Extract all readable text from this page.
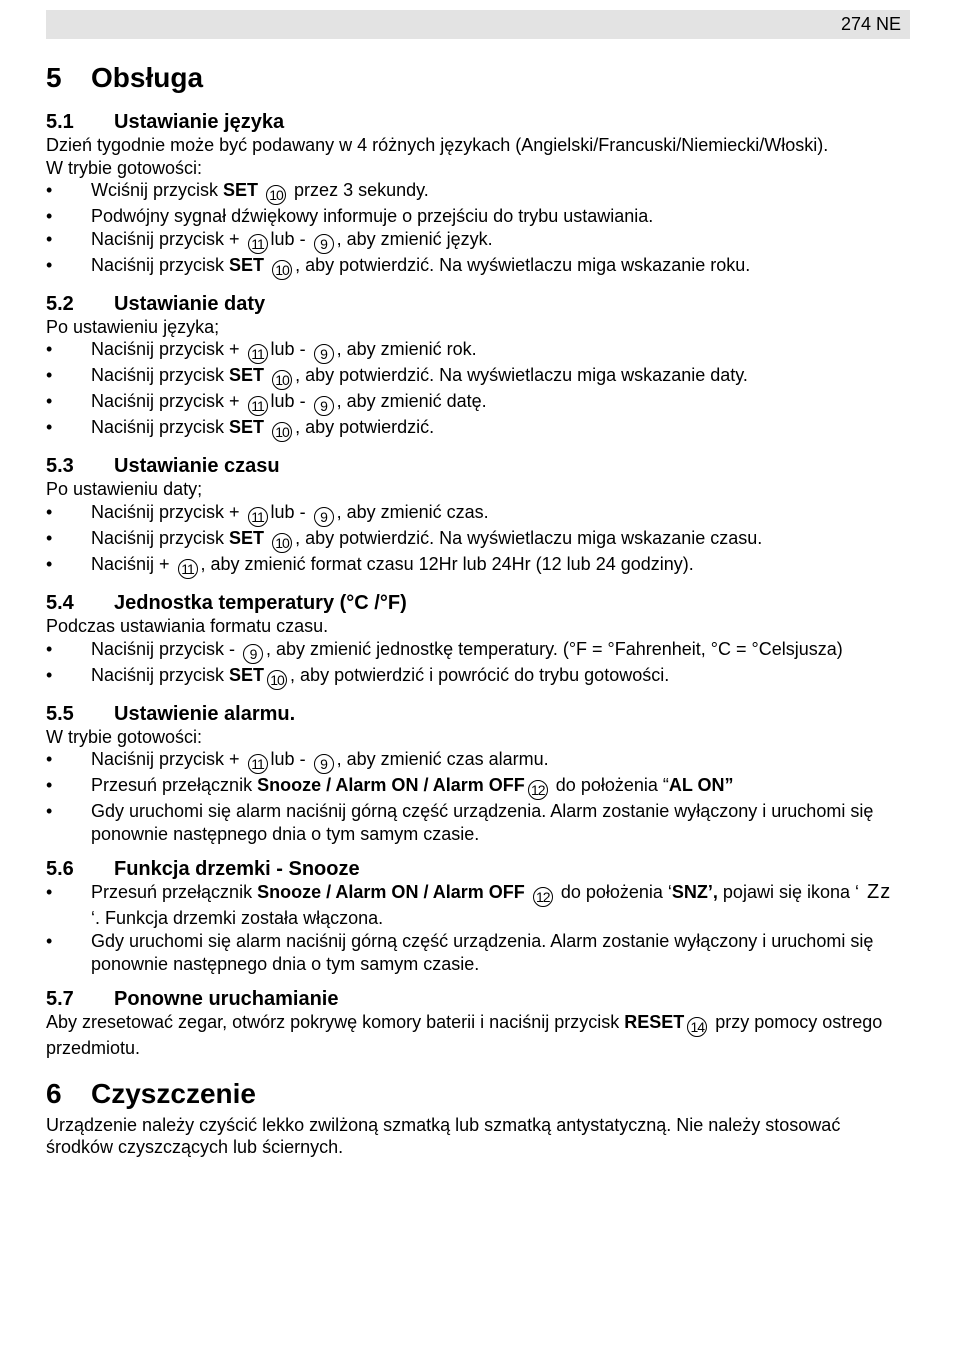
274 NE
5	Obsługa
5.1	Ustawianie języka
Dzień tygodnie może być podawany w 4 różnych językach (Angielski/Francuski/Niemiecki/Włoski).
W trybie gotowości:
• Wciśnij przycisk SET 10 przez 3 sekundy.
• Podwójny sygnał dźwiękowy informuje o przejściu do trybu ustawiania.
• Naciśnij przycisk + 11 lub - 9 , aby zmienić język.
• Naciśnij przycisk SET 10 , aby potwierdzić. Na wyświetlaczu miga wskazanie roku.
5.2	Ustawianie daty
Po ustawieniu języka;
• Naciśnij przycisk + 11 lub - 9 , aby zmienić rok.
• Naciśnij przycisk SET 10 , aby potwierdzić. Na wyświetlaczu miga wskazanie daty.
• Naciśnij przycisk + 11 lub - 9 , aby zmienić datę.
• Naciśnij przycisk SET 10 , aby potwierdzić.
5.3	Ustawianie czasu
Po ustawieniu daty;
• Naciśnij przycisk + 11 lub - 9 , aby zmienić czas.
• Naciśnij przycisk SET 10 , aby potwierdzić. Na wyświetlaczu miga wskazanie czasu.
• Naciśnij + 11 , aby zmienić format czasu 12Hr lub 24Hr (12 lub 24 godziny).
5.4	Jednostka temperatury (°C /°F)
Podczas ustawiania formatu czasu.
• Naciśnij przycisk - 9 , aby zmienić jednostkę temperatury. (°F = °Fahrenheit, °C = °Celsjusza)
• Naciśnij przycisk SET 10 , aby potwierdzić i powrócić do trybu gotowości.
5.5	Ustawienie alarmu.
W trybie gotowości:
• Naciśnij przycisk + 11 lub - 9 , aby zmienić czas alarmu.
• Przesuń przełącznik Snooze / Alarm ON / Alarm OFF 12 do położenia “AL ON”
• Gdy uruchomi się alarm naciśnij górną część urządzenia. Alarm zostanie wyłączony i uruchomi się ponownie następnego dnia o tym samym czasie.
5.6	Funkcja drzemki - Snooze
• Przesuń przełącznik Snooze / Alarm ON / Alarm OFF 12 do położenia ‘SNZ’, pojawi się ikona ‘ Zz‘. Funkcja drzemki została włączona.
• Gdy uruchomi się alarm naciśnij górną część urządzenia. Alarm zostanie wyłączony i uruchomi się ponownie następnego dnia o tym samym czasie.
5.7	Ponowne uruchamianie
Aby zresetować zegar, otwórz pokrywę komory baterii i naciśnij przycisk RESET 14 przy pomocy ostrego przedmiotu.
6	Czyszczenie
Urządzenie należy czyścić lekko zwilżoną szmatką lub szmatką antystatyczną. Nie należy stosować środków czyszczących lub ściernych.
